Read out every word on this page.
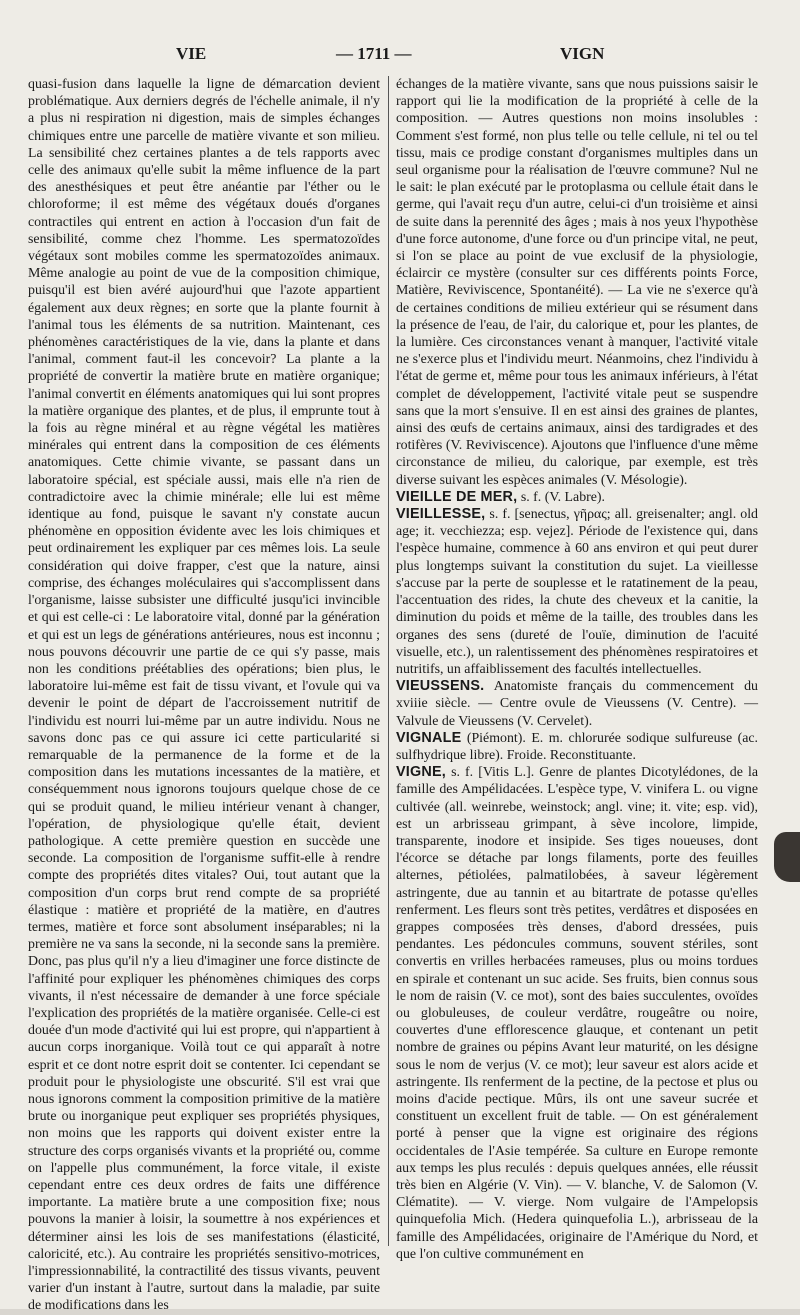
VIE	— 1711 —	VIGN

quasi-fusion dans laquelle la ligne de démarcation devient problématique. Aux derniers degrés de l'échelle animale, il n'y a plus ni respiration ni digestion, mais de simples échanges chimiques entre une parcelle de matière vivante et son milieu. La sensibilité chez certaines plantes a de tels rapports avec celle des animaux qu'elle subit la même influence de la part des anesthésiques et peut être anéantie par l'éther ou le chloroforme; il est même des végétaux doués d'organes contractiles qui entrent en action à l'occasion d'un fait de sensibilité, comme chez l'homme. Les spermatozoïdes végétaux sont mobiles comme les spermatozoïdes animaux. Même analogie au point de vue de la composition chimique, puisqu'il est bien avéré aujourd'hui que l'azote appartient également aux deux règnes; en sorte que la plante fournit à l'animal tous les éléments de sa nutrition. Maintenant, ces phénomènes caractéristiques de la vie, dans la plante et dans l'animal, comment faut-il les concevoir? La plante a la propriété de convertir la matière brute en matière organique; l'animal convertit en éléments anatomiques qui lui sont propres la matière organique des plantes, et de plus, il emprunte tout à la fois au règne minéral et au règne végétal les matières minérales qui entrent dans la composition de ces éléments anatomiques. Cette chimie vivante, se passant dans un laboratoire spécial, est spéciale aussi, mais elle n'a rien de contradictoire avec la chimie minérale; elle lui est même identique au fond, puisque le savant n'y constate aucun phénomène en opposition évidente avec les lois chimiques et peut ordinairement les expliquer par ces mêmes lois. La seule considération qui doive frapper, c'est que la nature, ainsi comprise, des échanges moléculaires qui s'accomplissent dans l'organisme, laisse subsister une difficulté jusqu'ici invincible et qui est celle-ci : Le laboratoire vital, donné par la génération et qui est un legs de générations antérieures, nous est inconnu ; nous pouvons découvrir une partie de ce qui s'y passe, mais non les conditions préétablies des opérations; bien plus, le laboratoire lui-même est fait de tissu vivant, et l'ovule qui va devenir le point de départ de l'accroissement nutritif de l'individu est nourri lui-même par un autre individu. Nous ne savons donc pas ce qui assure ici cette particularité si remarquable de la permanence de la forme et de la composition dans les mutations incessantes de la matière, et conséquemment nous ignorons toujours quelque chose de ce qui se produit quand, le milieu intérieur venant à changer, l'opération, de physiologique qu'elle était, devient pathologique. A cette première question en succède une seconde. La composition de l'organisme suffit-elle à rendre compte des propriétés dites vitales? Oui, tout autant que la composition d'un corps brut rend compte de sa propriété élastique : matière et propriété de la matière, en d'autres termes, matière et force sont absolument inséparables; ni la première ne va sans la seconde, ni la seconde sans la première. Donc, pas plus qu'il n'y a lieu d'imaginer une force distincte de l'affinité pour expliquer les phénomènes chimiques des corps vivants, il n'est nécessaire de demander à une force spéciale l'explication des propriétés de la matière organisée. Celle-ci est douée d'un mode d'activité qui lui est propre, qui n'appartient à aucun corps inorganique. Voilà tout ce qui apparaît à notre esprit et ce dont notre esprit doit se contenter. Ici cependant se produit pour le physiologiste une obscurité. S'il est vrai que nous ignorons comment la composition primitive de la matière brute ou inorganique peut expliquer ses propriétés physiques, non moins que les rapports qui doivent exister entre la structure des corps organisés vivants et la propriété ou, comme on l'appelle plus communément, la force vitale, il existe cependant entre ces deux ordres de faits une différence importante. La matière brute a une composition fixe; nous pouvons la manier à loisir, la soumettre à nos expériences et déterminer ainsi les lois de ses manifestations (élasticité, caloricité, etc.). Au contraire les propriétés sensitivo-motrices, l'impressionnabilité, la contractilité des tissus vivants, peuvent varier d'un instant à l'autre, surtout dans la maladie, par suite de modifications dans les

échanges de la matière vivante, sans que nous puissions saisir le rapport qui lie la modification de la propriété à celle de la composition. — Autres questions non moins insolubles : Comment s'est formé, non plus telle ou telle cellule, ni tel ou tel tissu, mais ce prodige constant d'organismes multiples dans un seul organisme pour la réalisation de l'œuvre commune? Nul ne le sait: le plan exécuté par le protoplasma ou cellule était dans le germe, qui l'avait reçu d'un autre, celui-ci d'un troisième et ainsi de suite dans la perennité des âges ; mais à nos yeux l'hypothèse d'une force autonome, d'une force ou d'un principe vital, ne peut, si l'on se place au point de vue exclusif de la physiologie, éclaircir ce mystère (consulter sur ces différents points Force, Matière, Reviviscence, Spontanéité). — La vie ne s'exerce qu'à de certaines conditions de milieu extérieur qui se résument dans la présence de l'eau, de l'air, du calorique et, pour les plantes, de la lumière. Ces circonstances venant à manquer, l'activité vitale ne s'exerce plus et l'individu meurt. Néanmoins, chez l'individu à l'état de germe et, même pour tous les animaux inférieurs, à l'état complet de développement, l'activité vitale peut se suspendre sans que la mort s'ensuive. Il en est ainsi des graines de plantes, ainsi des œufs de certains animaux, ainsi des tardigrades et des rotifères (V. Reviviscence). Ajoutons que l'influence d'une même circonstance de milieu, du calorique, par exemple, est très diverse suivant les espèces animales (V. Mésologie).

VIEILLE DE MER, s. f. (V. Labre).

VIEILLESSE, s. f. [senectus, γῆρας; all. greisenalter; angl. old age; it. vecchiezza; esp. vejez]. Période de l'existence qui, dans l'espèce humaine, commence à 60 ans environ et qui peut durer plus longtemps suivant la constitution du sujet. La vieillesse s'accuse par la perte de souplesse et le ratatinement de la peau, l'accentuation des rides, la chute des cheveux et la canitie, la diminution du poids et même de la taille, des troubles dans les organes des sens (dureté de l'ouïe, diminution de l'acuité visuelle, etc.), un ralentissement des phénomènes respiratoires et nutritifs, un affaiblissement des facultés intellectuelles.

VIEUSSENS. Anatomiste français du commencement du xviiie siècle. — Centre ovule de Vieussens (V. Centre). — Valvule de Vieussens (V. Cervelet).

VIGNALE (Piémont). E. m. chlorurée sodique sulfureuse (ac. sulfhydrique libre). Froide. Reconstituante.

VIGNE, s. f. [Vitis L.]. Genre de plantes Dicotylédones, de la famille des Ampélidacées. L'espèce type, V. vinifera L. ou vigne cultivée (all. weinrebe, weinstock; angl. vine; it. vite; esp. vid), est un arbrisseau grimpant, à sève incolore, limpide, transparente, inodore et insipide. Ses tiges noueuses, dont l'écorce se détache par longs filaments, porte des feuilles alternes, pétiolées, palmatilobées, à saveur légèrement astringente, due au tannin et au bitartrate de potasse qu'elles renferment. Les fleurs sont très petites, verdâtres et disposées en grappes composées très denses, d'abord dressées, puis pendantes. Les pédoncules communs, souvent stériles, sont convertis en vrilles herbacées rameuses, plus ou moins tordues en spirale et contenant un suc acide. Ses fruits, bien connus sous le nom de raisin (V. ce mot), sont des baies succulentes, ovoïdes ou globuleuses, de couleur verdâtre, rougeâtre ou noire, couvertes d'une efflorescence glauque, et contenant un petit nombre de graines ou pépins Avant leur maturité, on les désigne sous le nom de verjus (V. ce mot); leur saveur est alors acide et astringente. Ils renferment de la pectine, de la pectose et plus ou moins d'acide pectique. Mûrs, ils ont une saveur sucrée et constituent un excellent fruit de table. — On est généralement porté à penser que la vigne est originaire des régions occidentales de l'Asie tempérée. Sa culture en Europe remonte aux temps les plus reculés : depuis quelques années, elle réussit très bien en Algérie (V. Vin). — V. blanche, V. de Salomon (V. Clématite). — V. vierge. Nom vulgaire de l'Ampelopsis quinquefolia Mich. (Hedera quinquefolia L.), arbrisseau de la famille des Ampélidacées, originaire de l'Amérique du Nord, et que l'on cultive communément en
